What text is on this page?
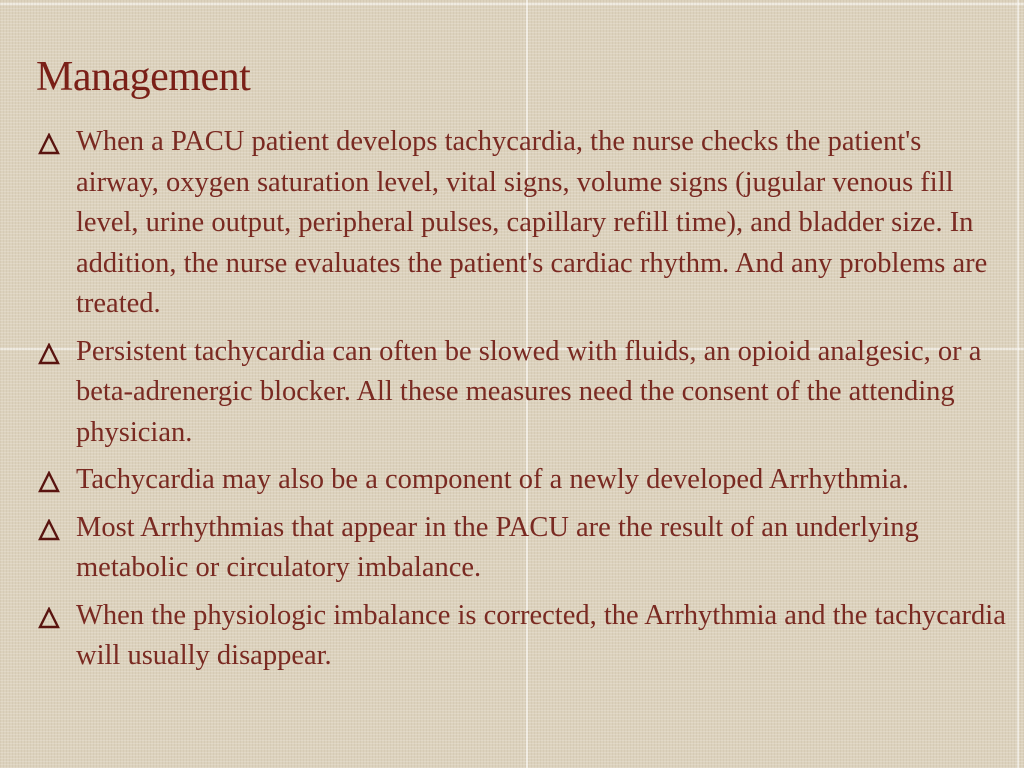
Management
When a PACU patient develops tachycardia, the nurse checks the patient's airway, oxygen saturation level, vital signs, volume signs (jugular venous fill level, urine output, peripheral pulses, capillary refill time), and bladder size. In addition, the nurse evaluates the patient's cardiac rhythm. And any problems are treated.
Persistent tachycardia can often be slowed with fluids, an opioid analgesic, or a beta-adrenergic blocker. All these measures need the consent of the attending physician.
Tachycardia may also be a component of a newly developed Arrhythmia.
Most Arrhythmias that appear in the PACU are the result of an underlying metabolic or circulatory imbalance.
When the physiologic imbalance is corrected, the Arrhythmia and the tachycardia will usually disappear.
